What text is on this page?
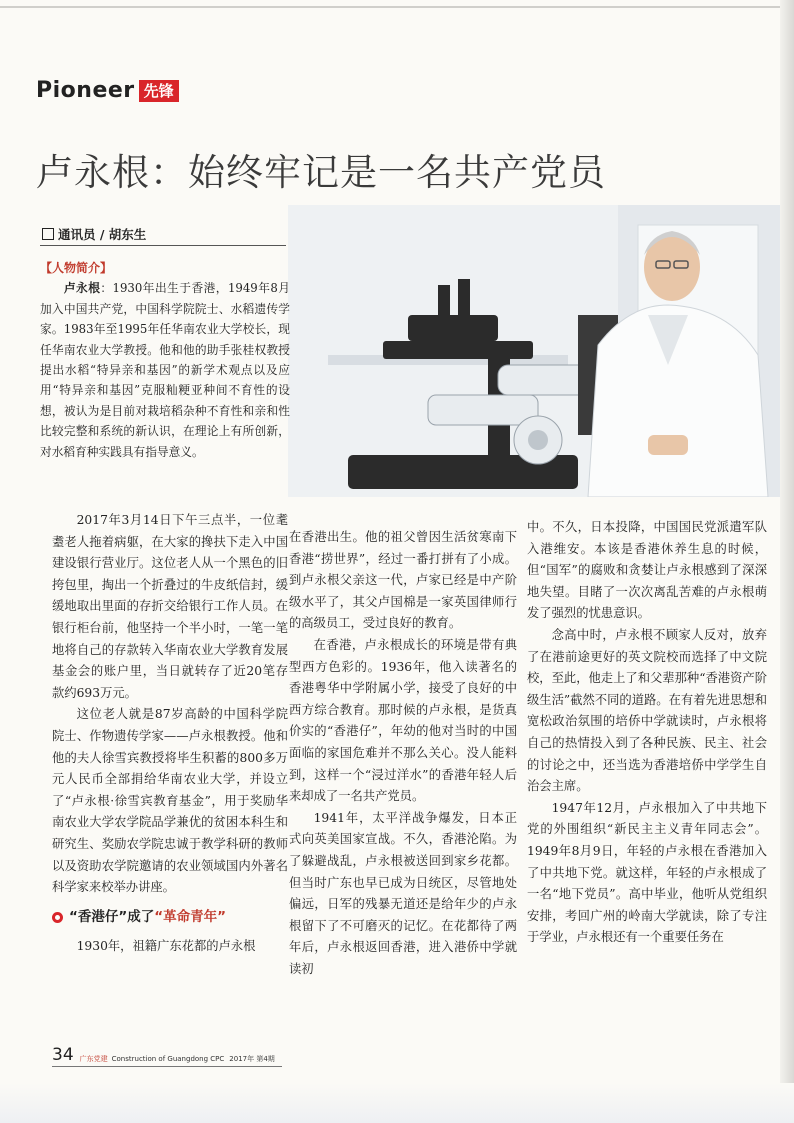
Pioneer 先锋
卢永根：始终牢记是一名共产党员
通讯员 / 胡东生
【人物简介】
  卢永根：1930年出生于香港，1949年8月加入中国共产党，中国科学院院士、水稻遗传学家。1983年至1995年任华南农业大学校长，现任华南农业大学教授。他和他的助手张桂权教授提出水稻“特异亲和基因”的新学术观点以及应用“特异亲和基因”克服籼粳亚种间不育性的设想，被认为是目前对栽培稻杂种不育性和亲和性比较完整和系统的新认识，在理论上有所创新，对水稻育种实践具有指导意义。

2017年3月14日下午三点半，一位耄耋老人拖着病躯，在大家的搀扶下走入中国建设银行营业厅。这位老人从一个黑色的旧挎包里，掏出一个折叠过的牛皮纸信封，缓缓地取出里面的存折交给银行工作人员。在银行柜台前，他坚持一个半小时，一笔一笔地将自己的存款转入华南农业大学教育发展基金会的账户里，当日就转存了近20笔存款约693万元。

这位老人就是87岁高龄的中国科学院院士、作物遗传学家——卢永根教授。他和他的夫人徐雪宾教授将毕生积蓄的800多万元人民币全部捐给华南农业大学，并设立了“卢永根·徐雪宾教育基金”，用于奖励华南农业大学农学院品学兼优的贫困本科生和研究生、奖励农学院忠诚于教学科研的教师以及资助农学院邀请的农业领域国内外著名科学家来校举办讲座。

“香港仔” 成了 “革命青年”

1930年，祖籍广东花都的卢永根

在香港出生。他的祖父曾因生活贫寒南下香港“捞世界”，经过一番打拼有了小成。到卢永根父亲这一代，卢家已经是中产阶级水平了，其父卢国棉是一家英国律师行的高级员工，受过良好的教育。

在香港，卢永根成长的环境是带有典型西方色彩的。1936年，他入读著名的香港粤华中学附属小学，接受了良好的中西方综合教育。那时候的卢永根，是货真价实的“香港仔”，年幼的他对当时的中国面临的家国危难并不那么关心。没人能料到，这样一个“浸过洋水”的香港年轻人后来却成了一名共产党员。

1941年，太平洋战争爆发，日本正式向英美国家宣战。不久，香港沦陷。为了躲避战乱，卢永根被送回到家乡花都。但当时广东也早已成为日统区，尽管地处偏远，日军的残暴无道还是给年少的卢永根留下了不可磨灭的记忆。在花都待了两年后，卢永根返回香港，进入港侨中学就读初

中。不久，日本投降，中国国民党派遣军队入港维安。本该是香港休养生息的时候，但“国军”的腐败和贪婪让卢永根感到了深深地失望。目睹了一次次离乱苦难的卢永根萌发了强烈的忧患意识。

念高中时，卢永根不顾家人反对，放弃了在港前途更好的英文院校而选择了中文院校，至此，他走上了和父辈那种“香港资产阶级生活”截然不同的道路。在有着先进思想和宽松政治氛围的培侨中学就读时，卢永根将自己的热情投入到了各种民族、民主、社会的讨论之中，还当选为香港培侨中学学生自治会主席。

1947年12月，卢永根加入了中共地下党的外围组织“新民主主义青年同志会”。1949年8月9日，年轻的卢永根在香港加入了中共地下党。就这样，年轻的卢永根成了一名“地下党员”。高中毕业，他听从党组织安排，考回广州的岭南大学就读，除了专注于学业，卢永根还有一个重要任务在

34 广东党建 Construction of Guangdong CPC 2017年 第4期
